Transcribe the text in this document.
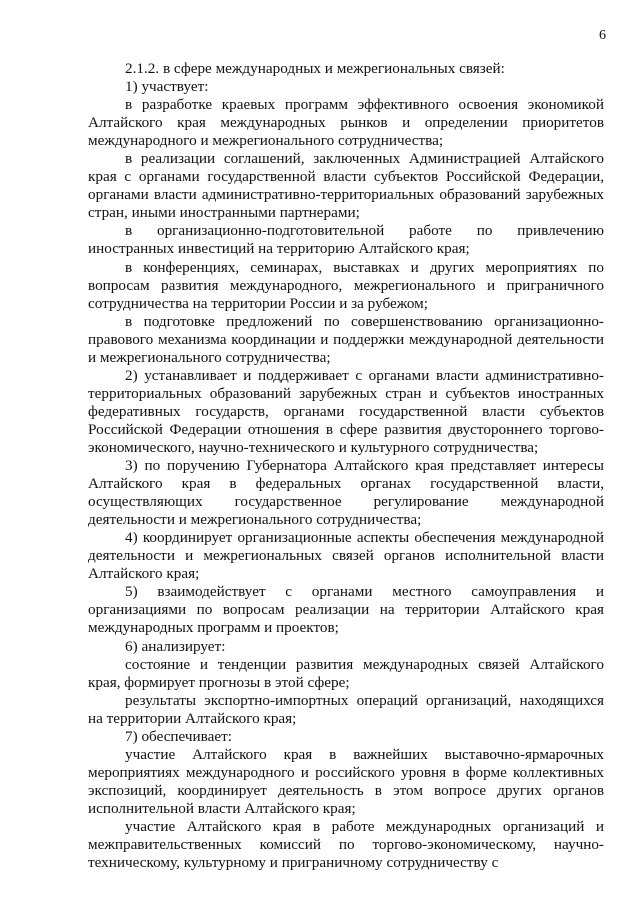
6

2.1.2. в сфере международных и межрегиональных связей:

1) участвует:

в разработке краевых программ эффективного освоения экономикой Алтайского края международных рынков и определении приоритетов международного и межрегионального сотрудничества;

в реализации соглашений, заключенных Администрацией Алтайского края с органами государственной власти субъектов Российской Федерации, органами власти административно-территориальных образований зарубежных стран, иными иностранными партнерами;

в организационно-подготовительной работе по привлечению иностранных инвестиций на территорию Алтайского края;

в конференциях, семинарах, выставках и других мероприятиях по вопросам развития международного, межрегионального и приграничного сотрудничества на территории России и за рубежом;

в подготовке предложений по совершенствованию организационно-правового механизма координации и поддержки международной деятельности и межрегионального сотрудничества;

2) устанавливает и поддерживает с органами власти административно-территориальных образований зарубежных стран и субъектов иностранных федеративных государств, органами государственной власти субъектов Российской Федерации отношения в сфере развития двустороннего торгово-экономического, научно-технического и культурного сотрудничества;

3) по поручению Губернатора Алтайского края представляет интересы Алтайского края в федеральных органах государственной власти, осуществляющих государственное регулирование международной деятельности и межрегионального сотрудничества;

4) координирует организационные аспекты обеспечения международной деятельности и межрегиональных связей органов исполнительной власти Алтайского края;

5) взаимодействует с органами местного самоуправления и организациями по вопросам реализации на территории Алтайского края международных программ и проектов;

6) анализирует:

состояние и тенденции развития международных связей Алтайского края, формирует прогнозы в этой сфере;

результаты экспортно-импортных операций организаций, находящихся на территории Алтайского края;

7) обеспечивает:

участие Алтайского края в важнейших выставочно-ярмарочных мероприятиях международного и российского уровня в форме коллективных экспозиций, координирует деятельность в этом вопросе других органов исполнительной власти Алтайского края;

участие Алтайского края в работе международных организаций и межправительственных комиссий по торгово-экономическому, научно-техническому, культурному и приграничному сотрудничеству с
